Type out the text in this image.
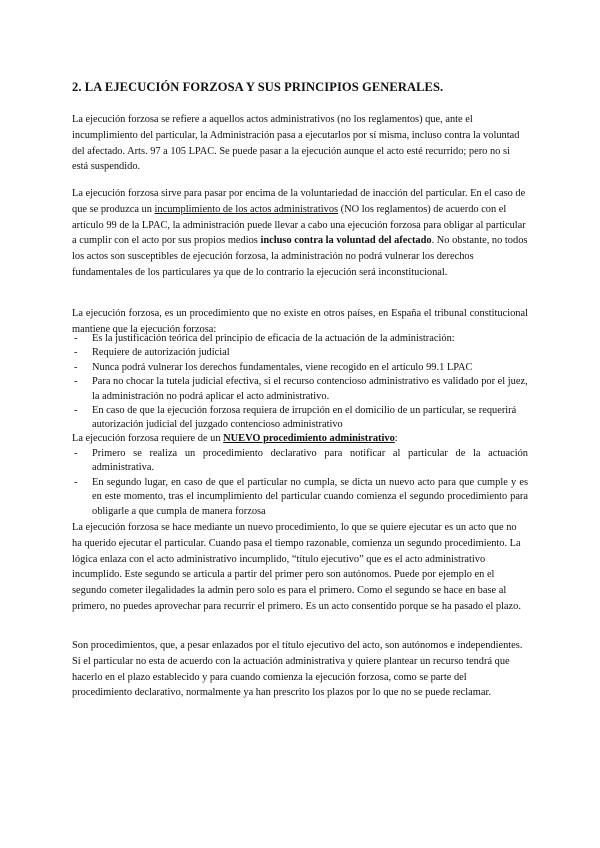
2. LA EJECUCIÓN FORZOSA Y SUS PRINCIPIOS GENERALES.

La ejecución forzosa se refiere a aquellos actos administrativos (no los reglamentos) que, ante el incumplimiento del particular, la Administración pasa a ejecutarlos por sí misma, incluso contra la voluntad del afectado. Arts. 97 a 105 LPAC. Se puede pasar a la ejecución aunque el acto esté recurrido; pero no si está suspendido.

La ejecución forzosa sirve para pasar por encima de la voluntariedad de inacción del particular. En el caso de que se produzca un incumplimiento de los actos administrativos (NO los reglamentos) de acuerdo con el artículo 99 de la LPAC, la administración puede llevar a cabo una ejecución forzosa para obligar al particular a cumplir con el acto por sus propios medios incluso contra la voluntad del afectado. No obstante, no todos los actos son susceptibles de ejecución forzosa, la administración no podrá vulnerar los derechos fundamentales de los particulares ya que de lo contrario la ejecución será inconstitucional.

La ejecución forzosa, es un procedimiento que no existe en otros países, en España el tribunal constitucional mantiene que la ejecución forzosa:

- Es la justificación teórica del principio de eficacia de la actuación de la administración:
- Requiere de autorización judicial
- Nunca podrá vulnerar los derechos fundamentales, viene recogido en el artículo 99.1 LPAC
- Para no chocar la tutela judicial efectiva, si el recurso contencioso administrativo es validado por el juez, la administración no podrá aplicar el acto administrativo.
- En caso de que la ejecución forzosa requiera de irrupción en el domicilio de un particular, se requerirá autorización judicial del juzgado contencioso administrativo

La ejecución forzosa requiere de un NUEVO procedimiento administrativo:

- Primero se realiza un procedimiento declarativo para notificar al particular de la actuación administrativa.
- En segundo lugar, en caso de que el particular no cumpla, se dicta un nuevo acto para que cumple y es en este momento, tras el incumplimiento del particular cuando comienza el segundo procedimiento para obligarle a que cumpla de manera forzosa

La ejecución forzosa se hace mediante un nuevo procedimiento, lo que se quiere ejecutar es un acto que no ha querido ejecutar el particular. Cuando pasa el tiempo razonable, comienza un segundo procedimiento. La lógica enlaza con el acto administrativo incumplido, “título ejecutivo” que es el acto administrativo incumplido. Este segundo se articula a partir del primer pero son autónomos. Puede por ejemplo en el segundo cometer ilegalidades la admin pero solo es para el primero. Como el segundo se hace en base al primero, no puedes aprovechar para recurrir el primero. Es un acto consentido porque se ha pasado el plazo.

Son procedimientos, que, a pesar enlazados por el título ejecutivo del acto, son autónomos e independientes. Si el particular no esta de acuerdo con la actuación administrativa y quiere plantear un recurso tendrá que hacerlo en el plazo establecido y para cuando comienza la ejecución forzosa, como se parte del procedimiento declarativo, normalmente ya han prescrito los plazos por lo que no se puede reclamar.
